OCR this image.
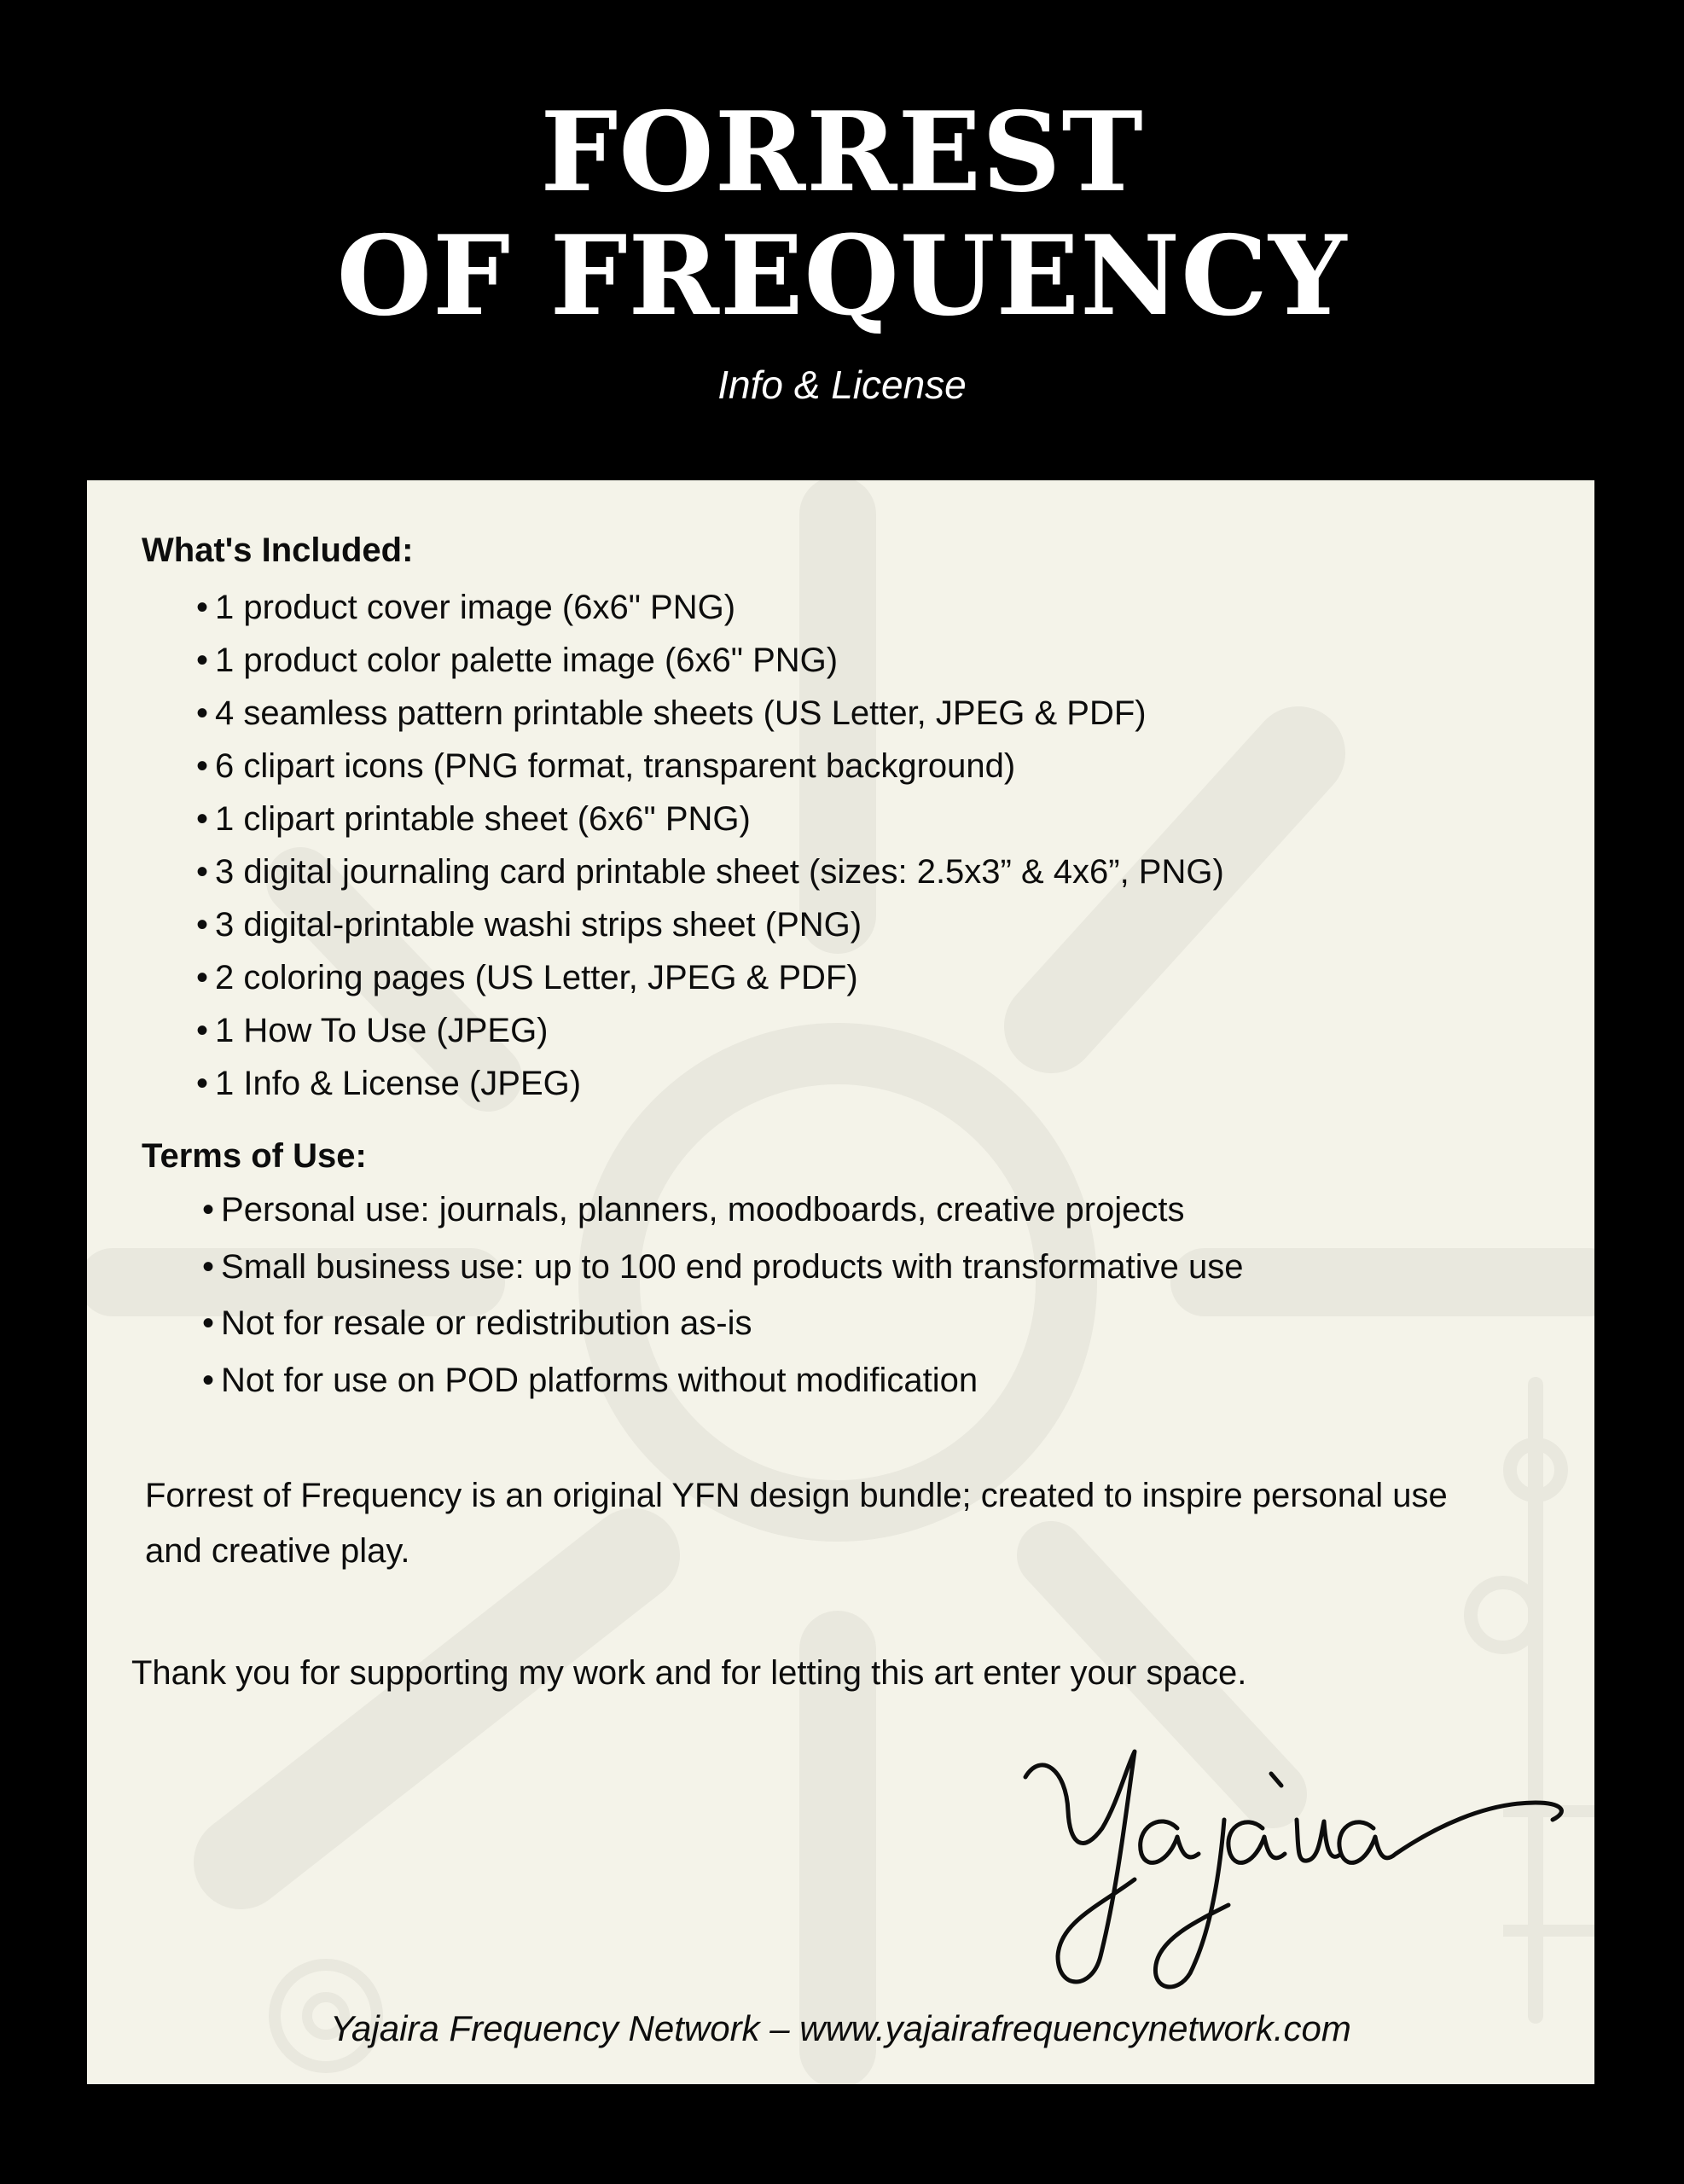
FORREST
OF FREQUENCY
Info & License
What's Included:
• 1 product cover image (6x6" PNG)
• 1 product color palette image (6x6" PNG)
• 4 seamless pattern printable sheets (US Letter, JPEG & PDF)
• 6 clipart icons (PNG format, transparent background)
• 1 clipart printable sheet (6x6" PNG)
• 3 digital journaling card printable sheet (sizes: 2.5x3” & 4x6”, PNG)
• 3 digital-printable washi strips sheet (PNG)
• 2 coloring pages (US Letter, JPEG & PDF)
• 1 How To Use (JPEG)
• 1 Info & License (JPEG)
Terms of Use:
• Personal use: journals, planners, moodboards, creative projects
• Small business use: up to 100 end products with transformative use
• Not for resale or redistribution as-is
• Not for use on POD platforms without modification
Forrest of Frequency is an original YFN design bundle; created to inspire personal use and creative play.
Thank you for supporting my work and for letting this art enter your space.
Yajaira Frequency Network – www.yajairafrequencynetwork.com
